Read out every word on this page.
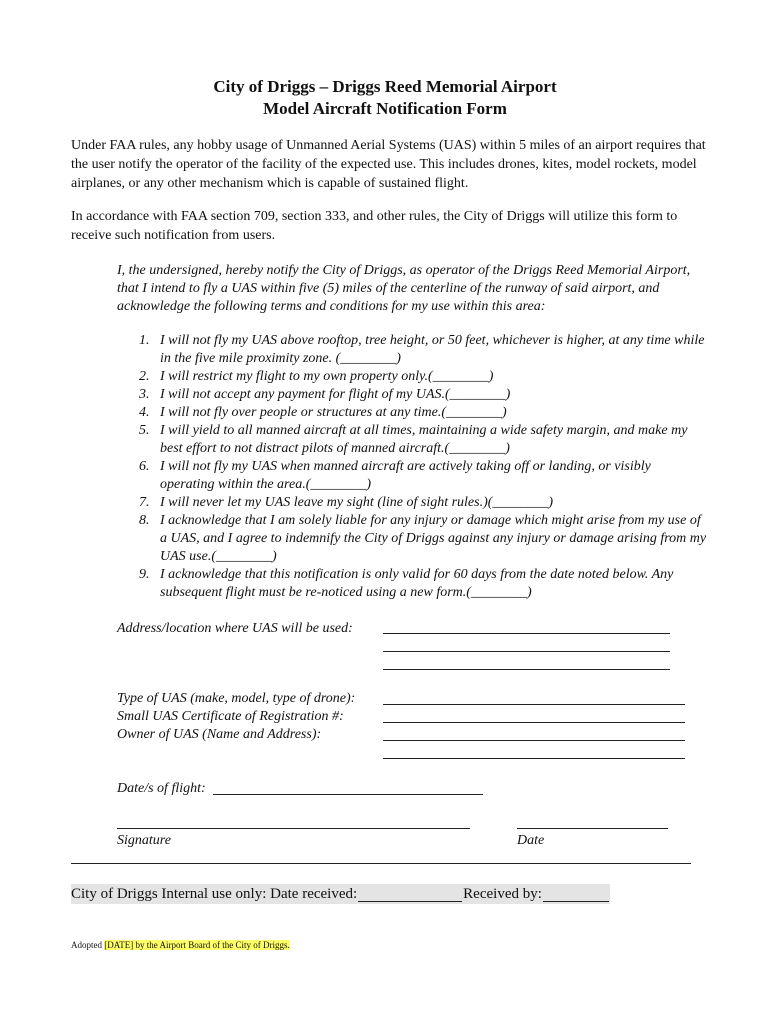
City of Driggs – Driggs Reed Memorial Airport
Model Aircraft Notification Form
Under FAA rules, any hobby usage of Unmanned Aerial Systems (UAS) within 5 miles of an airport requires that the user notify the operator of the facility of the expected use. This includes drones, kites, model rockets, model airplanes, or any other mechanism which is capable of sustained flight.
In accordance with FAA section 709, section 333, and other rules, the City of Driggs will utilize this form to receive such notification from users.
I, the undersigned, hereby notify the City of Driggs, as operator of the Driggs Reed Memorial Airport, that I intend to fly a UAS within five (5) miles of the centerline of the runway of said airport, and acknowledge the following terms and conditions for my use within this area:
1. I will not fly my UAS above rooftop, tree height, or 50 feet, whichever is higher, at any time while in the five mile proximity zone. (________)
2. I will restrict my flight to my own property only.(________)
3. I will not accept any payment for flight of my UAS.(________)
4. I will not fly over people or structures at any time.(________)
5. I will yield to all manned aircraft at all times, maintaining a wide safety margin, and make my best effort to not distract pilots of manned aircraft.(________)
6. I will not fly my UAS when manned aircraft are actively taking off or landing, or visibly operating within the area.(________)
7. I will never let my UAS leave my sight (line of sight rules.)(________)
8. I acknowledge that I am solely liable for any injury or damage which might arise from my use of a UAS, and I agree to indemnify the City of Driggs against any injury or damage arising from my UAS use.(________)
9. I acknowledge that this notification is only valid for 60 days from the date noted below. Any subsequent flight must be re-noticed using a new form.(________)
Address/location where UAS will be used:
Type of UAS (make, model, type of drone):
Small UAS Certificate of Registration #:
Owner of UAS (Name and Address):
Date/s of flight:
Signature	Date
City of Driggs Internal use only: Date received:	Received by:
Adopted [DATE] by the Airport Board of the City of Driggs.
